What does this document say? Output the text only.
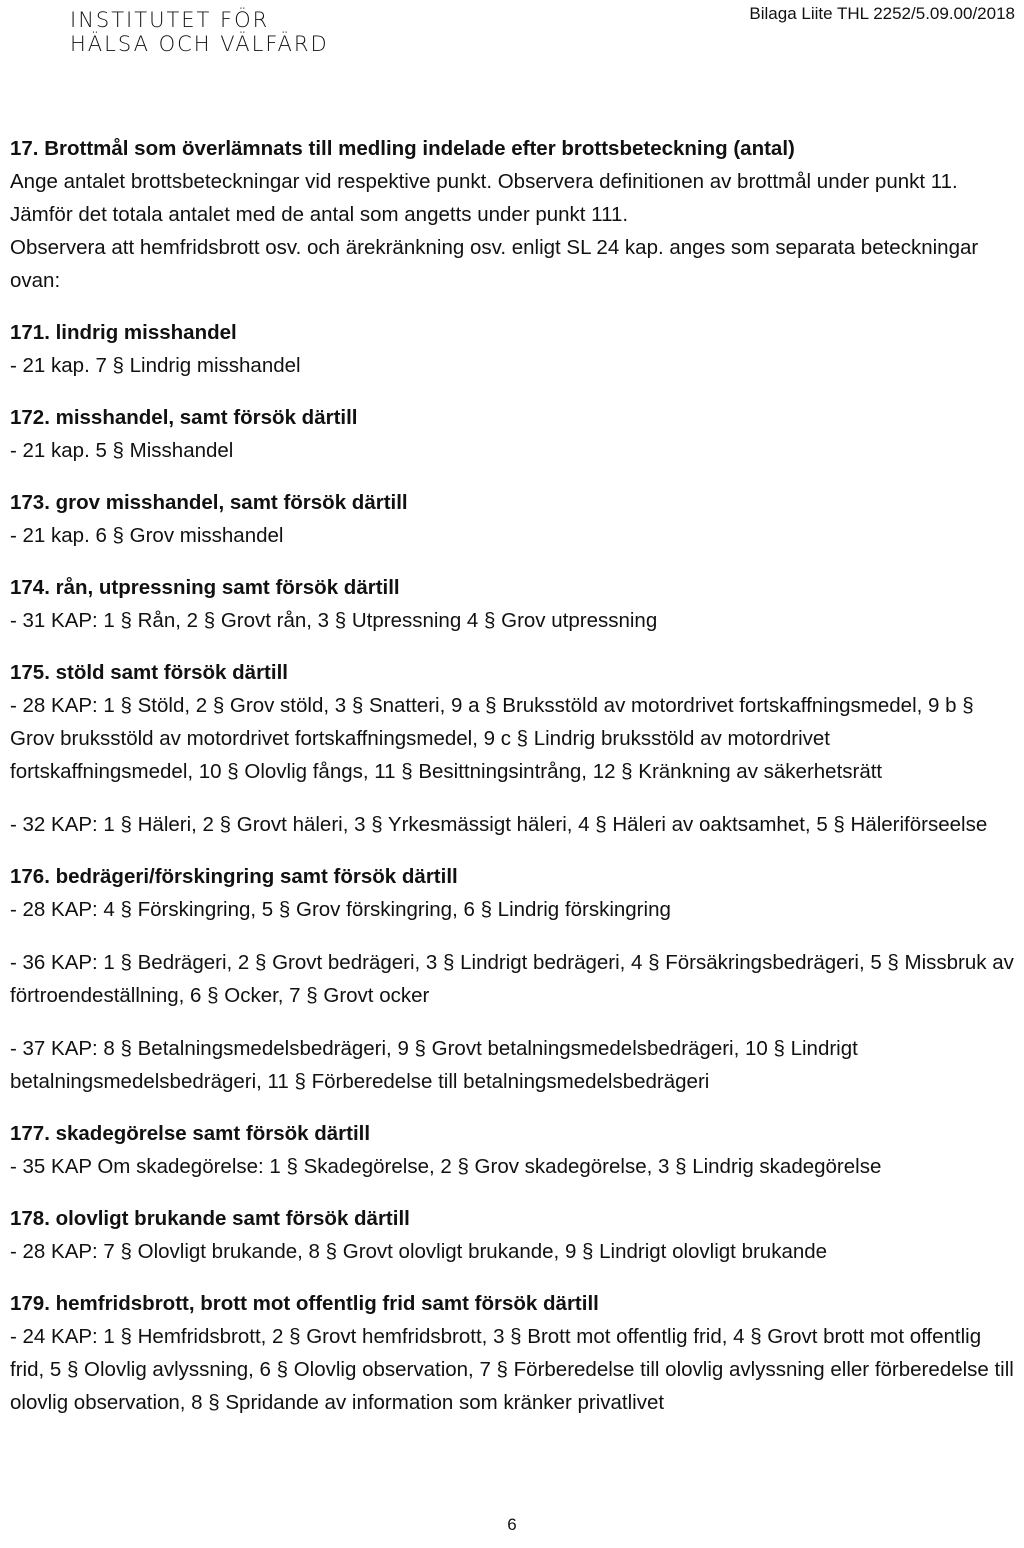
INSTITUTET FÖR
HÄLSA OCH VÄLFÄRD
Bilaga Liite THL 2252/5.09.00/2018
17. Brottmål som överlämnats till medling indelade efter brottsbeteckning (antal)

Ange antalet brottsbeteckningar vid respektive punkt. Observera definitionen av brottmål under punkt 11.

Jämför det totala antalet med de antal som angetts under punkt 111.

Observera att hemfridsbrott osv. och ärekränkning osv. enligt SL 24 kap. anges som separata beteckningar ovan:

171. lindrig misshandel

- 21 kap. 7 § Lindrig misshandel

172. misshandel, samt försök därtill

- 21 kap. 5 § Misshandel

173. grov misshandel, samt försök därtill

- 21 kap. 6 § Grov misshandel

174. rån, utpressning samt försök därtill

- 31 KAP: 1 § Rån, 2 § Grovt rån, 3 § Utpressning 4 § Grov utpressning

175. stöld samt försök därtill

- 28 KAP: 1 § Stöld, 2 § Grov stöld, 3 § Snatteri, 9 a § Bruksstöld av motordrivet fortskaffningsmedel, 9 b § Grov bruksstöld av motordrivet fortskaffningsmedel, 9 c § Lindrig bruksstöld av motordrivet fortskaffningsmedel, 10 § Olovlig fångs, 11 § Besittningsintrång, 12 § Kränkning av säkerhetsrätt

- 32 KAP: 1 § Häleri, 2 § Grovt häleri, 3 § Yrkesmässigt häleri, 4 § Häleri av oaktsamhet, 5 § Häleriförseelse

176. bedrägeri/förskingring samt försök därtill

- 28 KAP: 4 § Förskingring, 5 § Grov förskingring, 6 § Lindrig förskingring

- 36 KAP: 1 § Bedrägeri, 2 § Grovt bedrägeri, 3 § Lindrigt bedrägeri, 4 § Försäkringsbedrägeri, 5 § Missbruk av förtroendeställning, 6 § Ocker, 7 § Grovt ocker

- 37 KAP: 8 § Betalningsmedelsbedrägeri, 9 § Grovt betalningsmedelsbedrägeri, 10 § Lindrigt betalningsmedelsbedrägeri, 11 § Förberedelse till betalningsmedelsbedrägeri

177. skadegörelse samt försök därtill

- 35 KAP Om skadegörelse: 1 § Skadegörelse, 2 § Grov skadegörelse, 3 § Lindrig skadegörelse

178. olovligt brukande samt försök därtill

- 28 KAP: 7 § Olovligt brukande, 8 § Grovt olovligt brukande, 9 § Lindrigt olovligt brukande

179. hemfridsbrott, brott mot offentlig frid samt försök därtill

- 24 KAP: 1 § Hemfridsbrott, 2 § Grovt hemfridsbrott, 3 § Brott mot offentlig frid, 4 § Grovt brott mot offentlig frid, 5 § Olovlig avlyssning, 6 § Olovlig observation, 7 § Förberedelse till olovlig avlyssning eller förberedelse till olovlig observation, 8 § Spridande av information som kränker privatlivet

6
